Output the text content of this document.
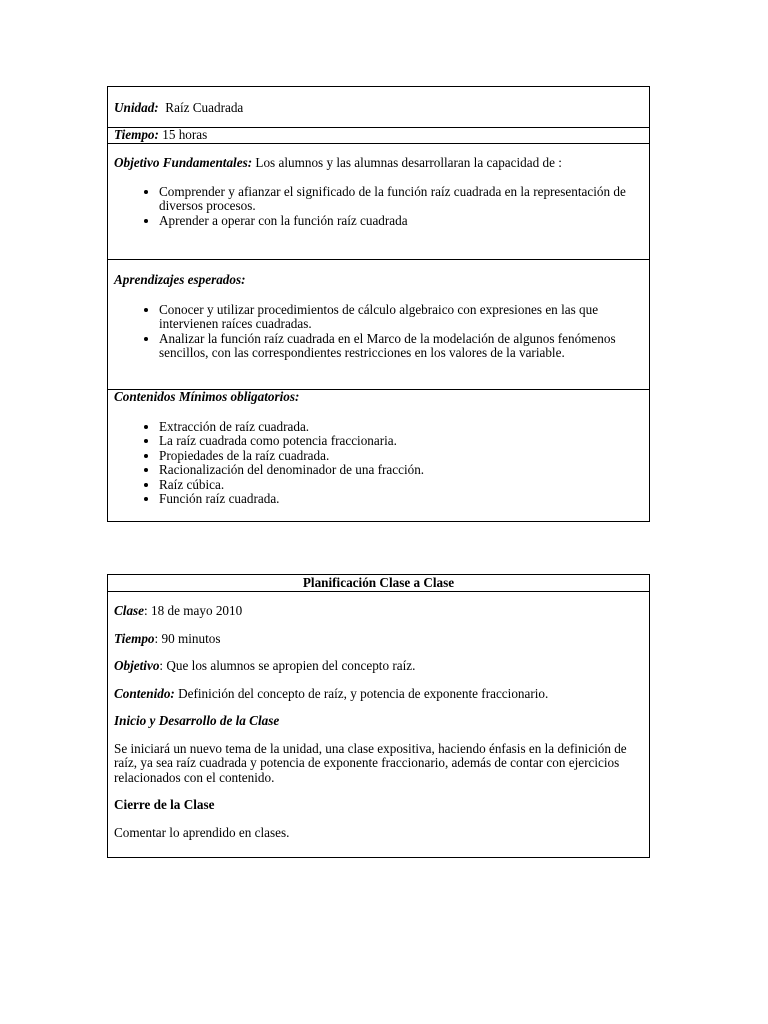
Unidad: Raíz Cuadrada
Tiempo: 15 horas

Objetivo Fundamentales: Los alumnos y las alumnas desarrollaran la capacidad de :

• Comprender y afianzar el significado de la función raíz cuadrada en la representación de diversos procesos.
• Aprender a operar con la función raíz cuadrada

Aprendizajes esperados:

• Conocer y utilizar procedimientos de cálculo algebraico con expresiones en las que intervienen raíces cuadradas.
• Analizar la función raíz cuadrada en el Marco de la modelación de algunos fenómenos sencillos, con las correspondientes restricciones en los valores de la variable.

Contenidos Mínimos obligatorios:

• Extracción de raíz cuadrada.
• La raíz cuadrada como potencia fraccionaria.
• Propiedades de la raíz cuadrada.
• Racionalización del denominador de una fracción.
• Raíz cúbica.
• Función raíz cuadrada.
Planificación Clase a Clase

Clase: 18 de mayo 2010

Tiempo: 90 minutos

Objetivo: Que los alumnos se apropien del concepto raíz.

Contenido: Definición del concepto de raíz, y potencia de exponente fraccionario.

Inicio y Desarrollo de la Clase

Se iniciará un nuevo tema de la unidad, una clase expositiva, haciendo énfasis en la definición de raíz, ya sea raíz cuadrada y potencia de exponente fraccionario, además de contar con ejercicios relacionados con el contenido.

Cierre de la Clase

Comentar lo aprendido en clases.
